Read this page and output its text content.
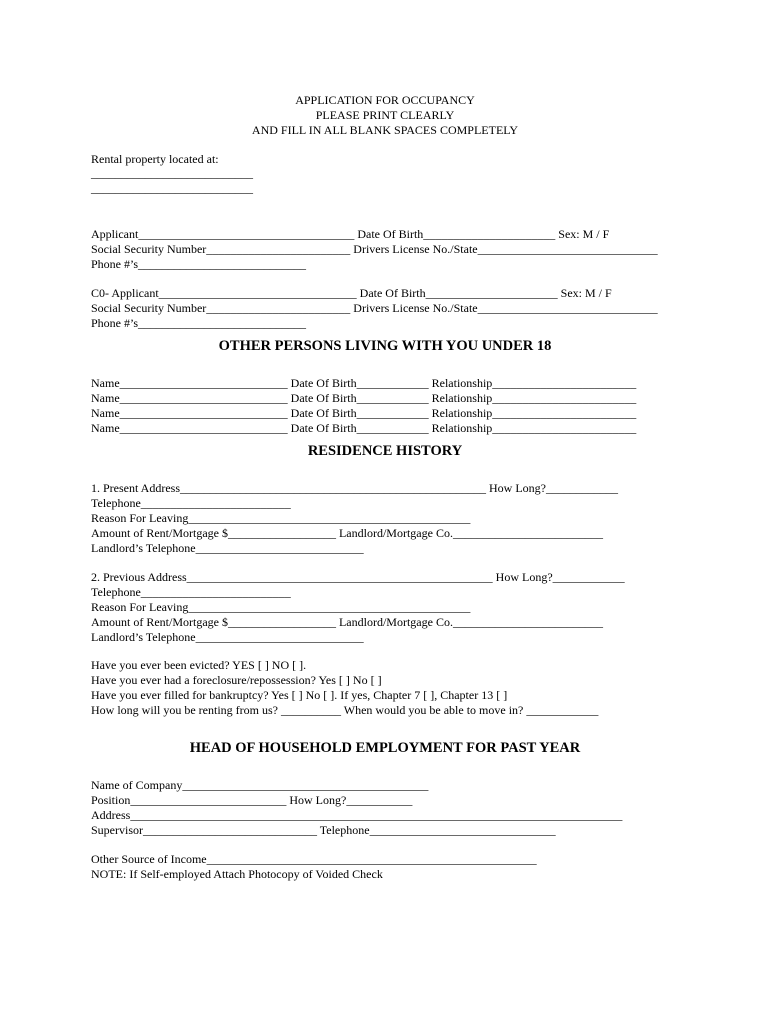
APPLICATION FOR OCCUPANCY
PLEASE PRINT CLEARLY
AND FILL IN ALL BLANK SPACES COMPLETELY
Rental property located at:
___________________________
___________________________
Applicant____________________________________ Date Of Birth______________________ Sex: M / F
Social Security Number________________________ Drivers License No./State______________________________
Phone #’s____________________________
C0- Applicant_________________________________ Date Of Birth______________________ Sex: M / F
Social Security Number________________________ Drivers License No./State______________________________
Phone #’s____________________________
OTHER PERSONS LIVING WITH YOU UNDER 18
Name____________________________ Date Of Birth____________ Relationship________________________
Name____________________________ Date Of Birth____________ Relationship________________________
Name____________________________ Date Of Birth____________ Relationship________________________
Name____________________________ Date Of Birth____________ Relationship________________________
RESIDENCE HISTORY
1. Present Address___________________________________________________ How Long?____________
Telephone_________________________
Reason For Leaving_______________________________________________
Amount of Rent/Mortgage $__________________ Landlord/Mortgage Co._________________________
Landlord’s Telephone____________________________
2. Previous Address___________________________________________________ How Long?____________
Telephone_________________________
Reason For Leaving_______________________________________________
Amount of Rent/Mortgage $__________________ Landlord/Mortgage Co._________________________
Landlord’s Telephone____________________________
Have you ever been evicted? YES [ ] NO [ ].
Have you ever had a foreclosure/repossession? Yes [ ] No [ ]
Have you ever filled for bankruptcy? Yes [ ] No [ ]. If yes, Chapter 7 [ ], Chapter 13 [ ]
How long will you be renting from us? __________ When would you be able to move in? ____________
HEAD OF HOUSEHOLD EMPLOYMENT FOR PAST YEAR
Name of Company_________________________________________
Position__________________________ How Long?___________
Address__________________________________________________________________________________
Supervisor_____________________________ Telephone_______________________________
Other Source of Income_______________________________________________________
NOTE: If Self-employed Attach Photocopy of Voided Check
